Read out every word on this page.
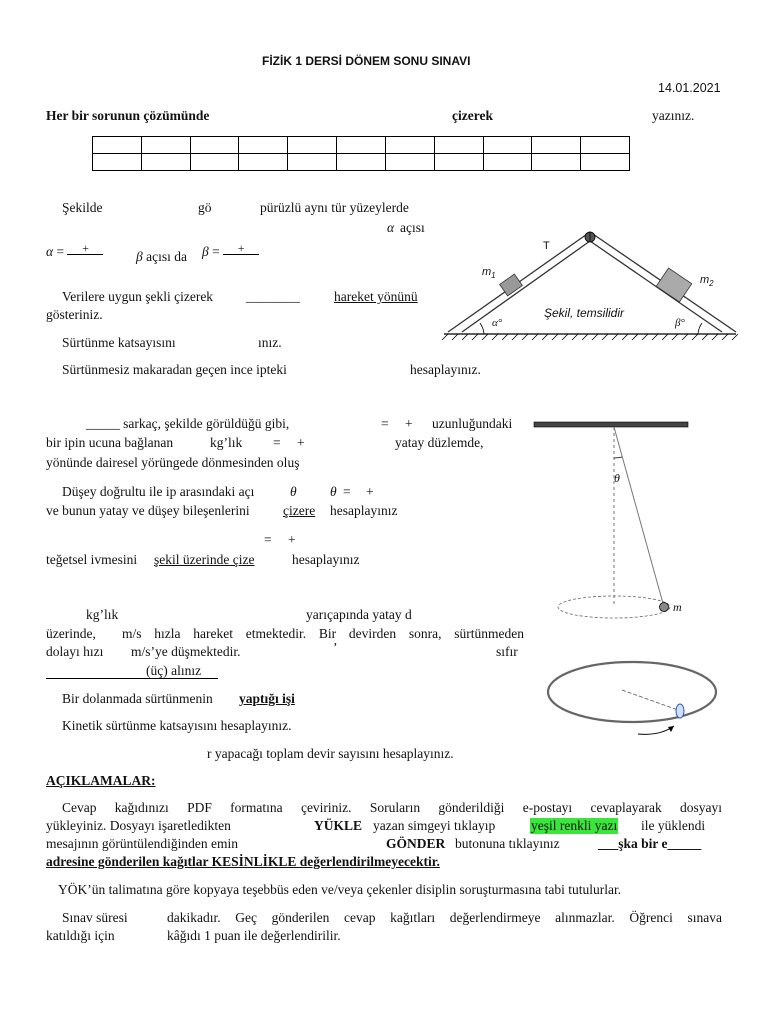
FİZİK 1 DERSİ DÖNEM SONU SINAVI
14.01.2021
Her bir sorunun çözümünde	çizerek	yazınız.

Şekilde	gö	pürüzlü aynı tür yüzeylerde
α açısı
α =	+
β açısı da β =	+
Verilere uygun şekli çizerek ________	hareket yönünü
gösteriniz.
Sürtünme katsayısını	ınız.
Sürtünmesiz makaradan geçen ince ipteki	hesaplayınız.
T
$m_1$	$m_2$
Şekil, temsilidir
α°	β°
_____ sarkaç, şekilde görüldüğü gibi,	= + uzunluğundaki
bir ipin ucuna bağlanan	kg’lık = +	yatay düzlemde,
yönünde dairesel yörüngede dönmesinden oluş
Düşey doğrultu ile ip arasındaki açı	θ θ = +
ve bunun yatay ve düşey bileşenlerini çizere hesaplayınız
= +
teğetsel ivmesini şekil üzerinde çize	hesaplayınız
θ
m
kg’lık	yarıçapında yatay d
üzerinde, m/s hızla hareket etmektedir. Bir devirden sonra, sürtünmeden
dolayı hızı m/s’ye düşmektedir.	’	sıfır
(üç) alınız
Bir dolanmada sürtünmenin yaptığı işi
Kinetik sürtünme katsayısını hesaplayınız.
r yapacağı toplam devir sayısını hesaplayınız.
AÇIKLAMALAR:
Cevap kağıdınızı PDF formatına çeviriniz. Soruların gönderildiği e-postayı cevaplayarak dosyayı
yükleyiniz. Dosyayı işaretledikten	YÜKLE yazan simgeyi tıklayıp	yeşil renkli yazı ile yüklendi
mesajının görüntülendiğinden emin	GÖNDER butonuna tıklayınız	___şka bir e_____
adresine gönderilen kağıtlar KESİNLİKLE değerlendirilmeyecektir.
YÖK’ün talimatına göre kopyaya teşebbüs eden ve/veya çekenler disiplin soruşturmasına tabi tutulurlar.
Sınav süresi	dakikadır. Geç gönderilen cevap kağıtları değerlendirmeye alınmazlar. Öğrenci sınava
katıldığı için	kâğıdı 1 puan ile değerlendirilir.
